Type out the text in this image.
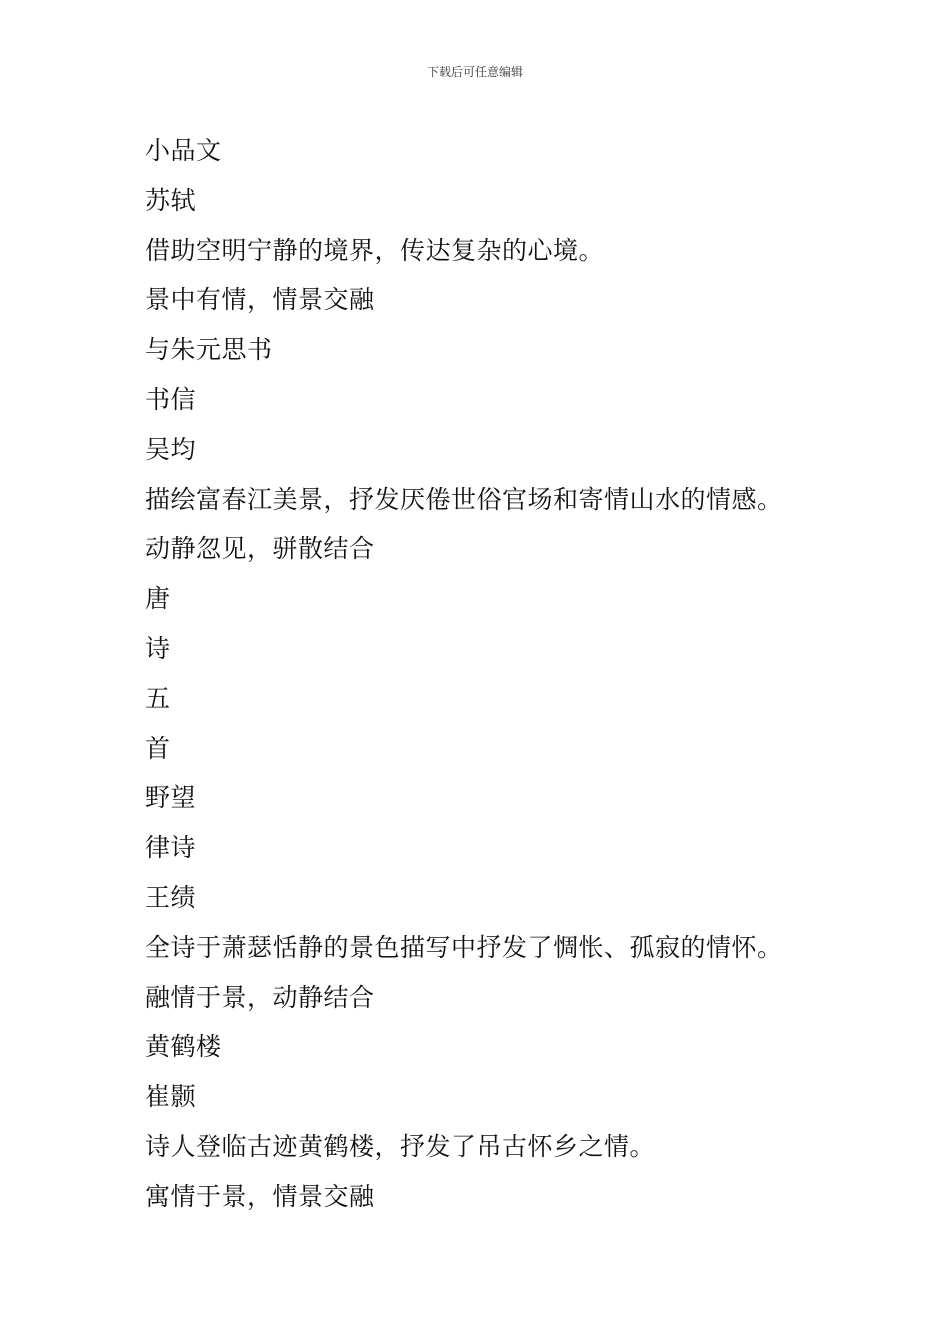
下载后可任意编辑
小品文
苏轼
借助空明宁静的境界，传达复杂的心境。
景中有情，情景交融
与朱元思书
书信
吴均
描绘富春江美景，抒发厌倦世俗官场和寄情山水的情感。
动静忽见，骈散结合
唐
诗
五
首
野望
律诗
王绩
全诗于萧瑟恬静的景色描写中抒发了惆怅、孤寂的情怀。
融情于景，动静结合
黄鹤楼
崔颢
诗人登临古迹黄鹤楼，抒发了吊古怀乡之情。
寓情于景，情景交融
